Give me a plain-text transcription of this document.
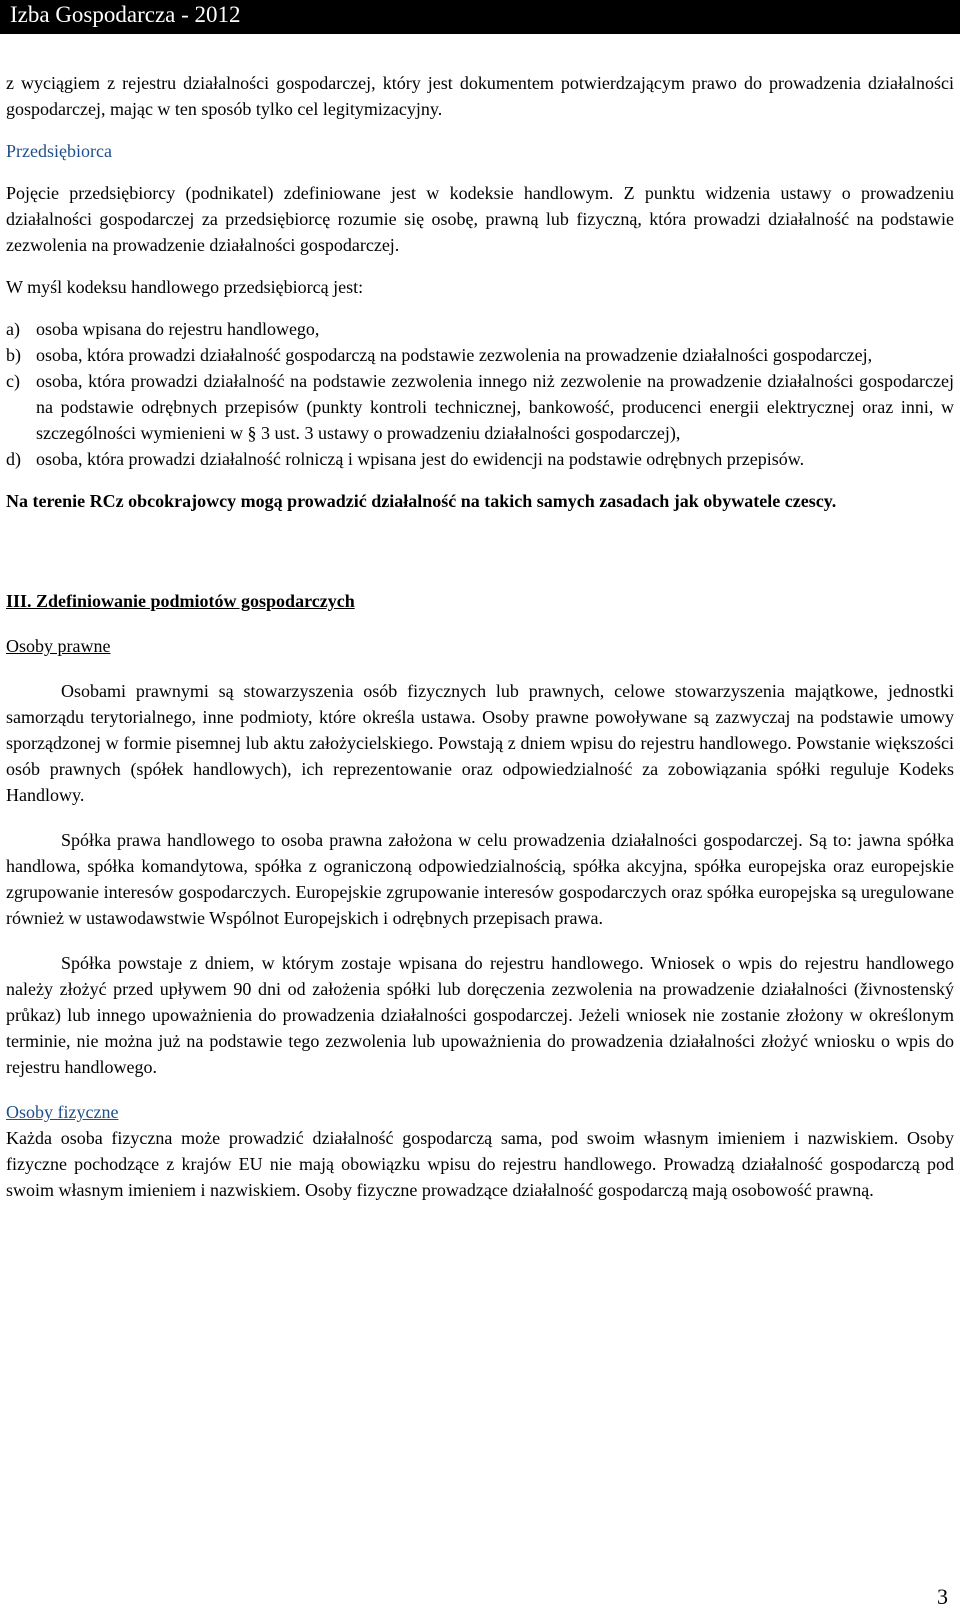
Izba Gospodarcza - 2012

z wyciągiem z rejestru działalności gospodarczej, który jest dokumentem potwierdzającym prawo do prowadzenia działalności gospodarczej, mając w ten sposób tylko cel legitymizacyjny.

Przedsiębiorca

Pojęcie przedsiębiorcy (podnikatel) zdefiniowane jest w kodeksie handlowym. Z punktu widzenia ustawy o prowadzeniu działalności gospodarczej za przedsiębiorcę rozumie się osobę, prawną lub fizyczną, która prowadzi działalność na podstawie zezwolenia na prowadzenie działalności gospodarczej.

W myśl kodeksu handlowego przedsiębiorcą jest:

a) osoba wpisana do rejestru handlowego,
b) osoba, która prowadzi działalność gospodarczą na podstawie zezwolenia na prowadzenie działalności gospodarczej,
c) osoba, która prowadzi działalność na podstawie zezwolenia innego niż zezwolenie na prowadzenie działalności gospodarczej na podstawie odrębnych przepisów (punkty kontroli technicznej, bankowość, producenci energii elektrycznej oraz inni, w szczególności wymienieni w § 3 ust. 3 ustawy o prowadzeniu działalności gospodarczej),
d) osoba, która prowadzi działalność rolniczą i wpisana jest do ewidencji na podstawie odrębnych przepisów.

Na terenie RCz obcokrajowcy mogą prowadzić działalność na takich samych zasadach jak obywatele czescy.

III. Zdefiniowanie podmiotów gospodarczych

Osoby prawne

Osobami prawnymi są stowarzyszenia osób fizycznych lub prawnych, celowe stowarzyszenia majątkowe, jednostki samorządu terytorialnego, inne podmioty, które określa ustawa. Osoby prawne powoływane są zazwyczaj na podstawie umowy sporządzonej w formie pisemnej lub aktu założycielskiego. Powstają z dniem wpisu do rejestru handlowego. Powstanie większości osób prawnych (spółek handlowych), ich reprezentowanie oraz odpowiedzialność za zobowiązania spółki reguluje Kodeks Handlowy.

Spółka prawa handlowego to osoba prawna założona w celu prowadzenia działalności gospodarczej. Są to: jawna spółka handlowa, spółka komandytowa, spółka z ograniczoną odpowiedzialnością, spółka akcyjna, spółka europejska oraz europejskie zgrupowanie interesów gospodarczych. Europejskie zgrupowanie interesów gospodarczych oraz spółka europejska są uregulowane również w ustawodawstwie Wspólnot Europejskich i odrębnych przepisach prawa.

Spółka powstaje z dniem, w którym zostaje wpisana do rejestru handlowego. Wniosek o wpis do rejestru handlowego należy złożyć przed upływem 90 dni od założenia spółki lub doręczenia zezwolenia na prowadzenie działalności (živnostenský průkaz) lub innego upoważnienia do prowadzenia działalności gospodarczej. Jeżeli wniosek nie zostanie złożony w określonym terminie, nie można już na podstawie tego zezwolenia lub upoważnienia do prowadzenia działalności złożyć wniosku o wpis do rejestru handlowego.

Osoby fizyczne

Każda osoba fizyczna może prowadzić działalność gospodarczą sama, pod swoim własnym imieniem i nazwiskiem. Osoby fizyczne pochodzące z krajów EU nie mają obowiązku wpisu do rejestru handlowego. Prowadzą działalność gospodarczą pod swoim własnym imieniem i nazwiskiem. Osoby fizyczne prowadzące działalność gospodarczą mają osobowość prawną.

3
